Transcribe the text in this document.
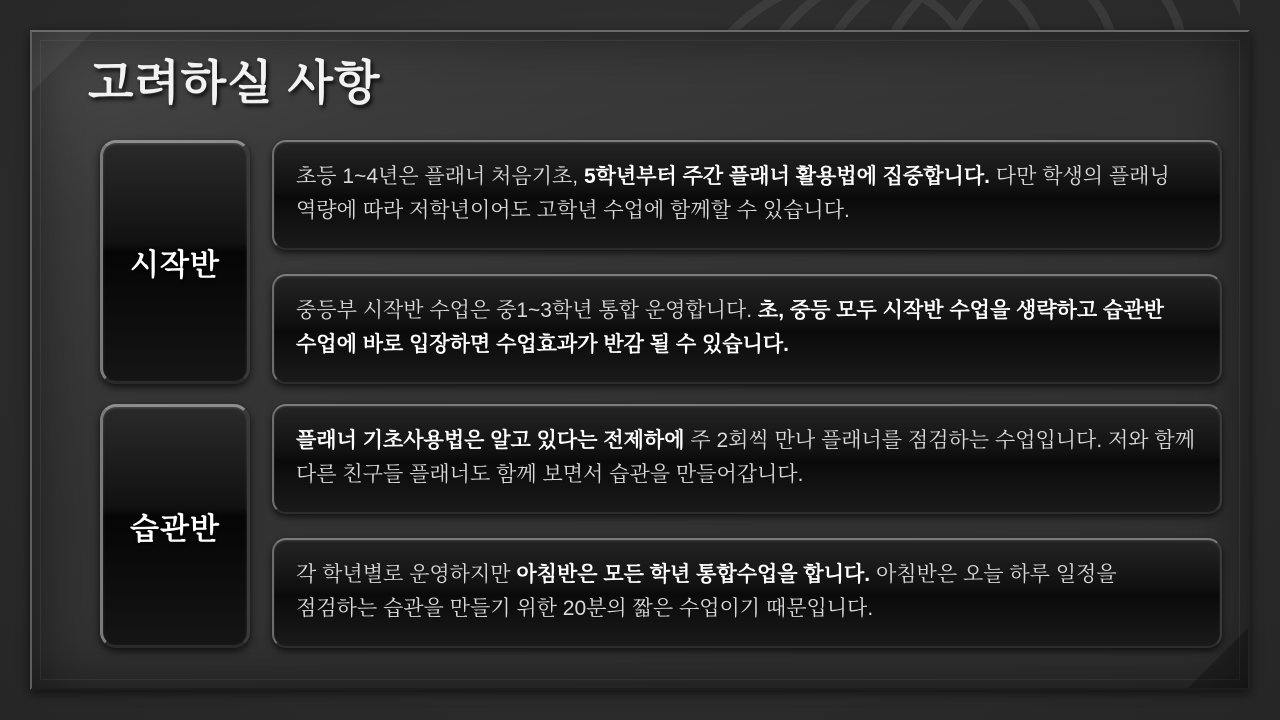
고려하실 사항
시작반

초등 1~4년은 플래너 처음기초, 5학년부터 주간 플래너 활용법에 집중합니다. 다만 학생의 플래닝 역량에 따라 저학년이어도 고학년 수업에 함께할 수 있습니다.

중등부 시작반 수업은 중1~3학년 통합 운영합니다. 초, 중등 모두 시작반 수업을 생략하고 습관반 수업에 바로 입장하면 수업효과가 반감 될 수 있습니다.

습관반

플래너 기초사용법은 알고 있다는 전제하에 주 2회씩 만나 플래너를 점검하는 수업입니다. 저와 함께 다른 친구들 플래너도 함께 보면서 습관을 만들어갑니다.

각 학년별로 운영하지만 아침반은 모든 학년 통합수업을 합니다. 아침반은 오늘 하루 일정을 점검하는 습관을 만들기 위한 20분의 짧은 수업이기 때문입니다.
